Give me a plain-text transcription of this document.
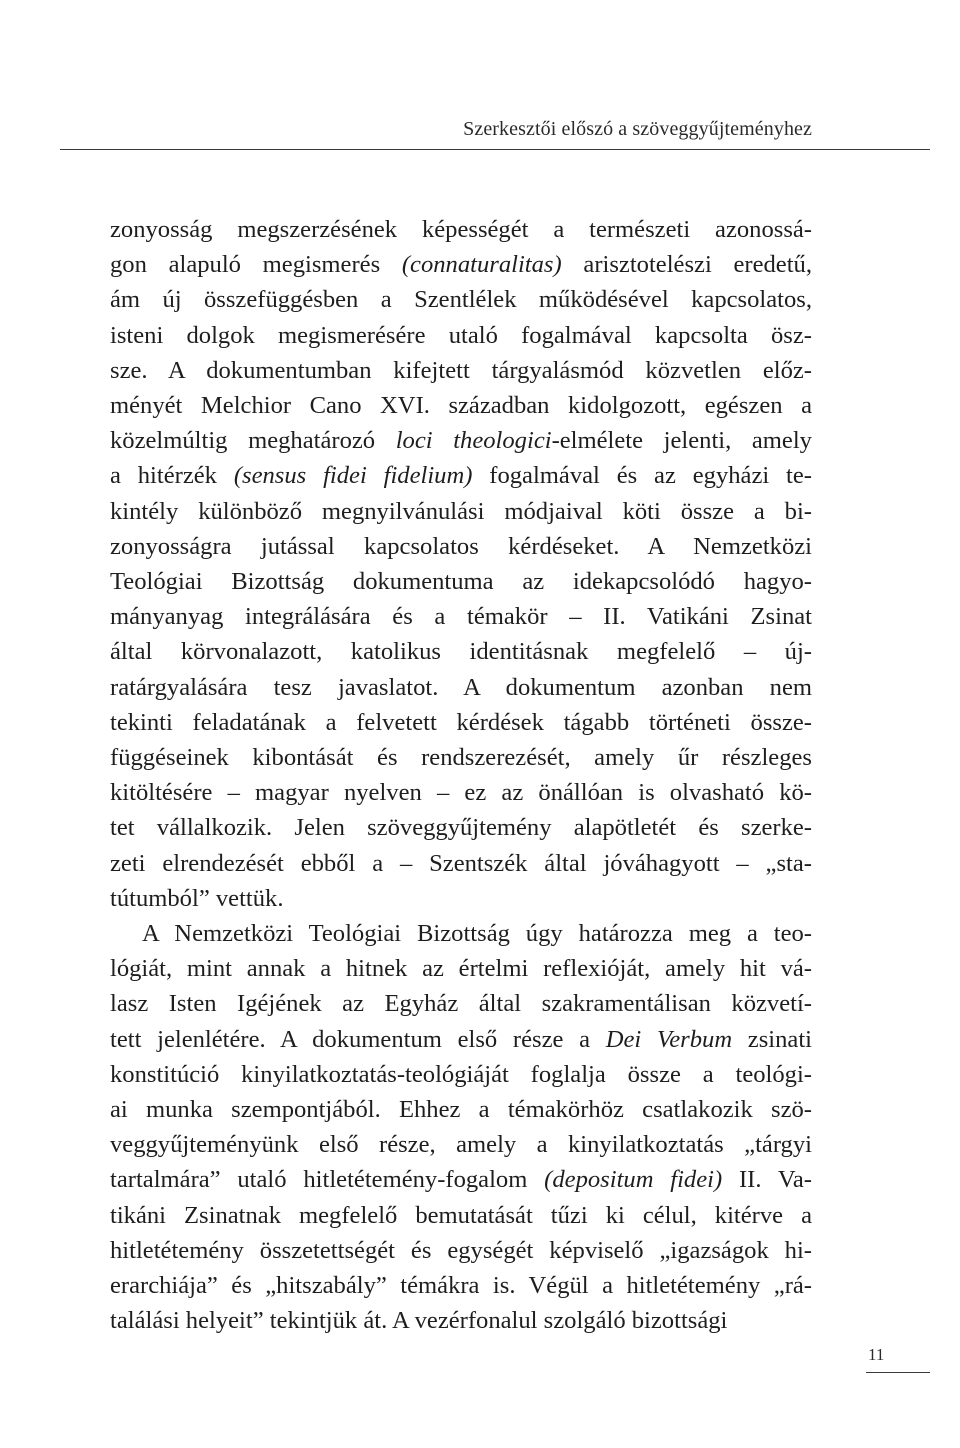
Szerkesztői előszó a szöveggyűjteményhez
zonyosság megszerzésének képességét a természeti azonossá-
gon alapuló megismerés (connaturalitas) arisztotelészi eredetű,
ám új összefüggésben a Szentlélek működésével kapcsolatos,
isteni dolgok megismerésére utaló fogalmával kapcsolta ösz-
sze. A dokumentumban kifejtett tárgyalásmód közvetlen előz-
ményét Melchior Cano XVI. században kidolgozott, egészen a
közelmúltig meghatározó loci theologici-elmélete jelenti, amely
a hitérzék (sensus fidei fidelium) fogalmával és az egyházi te-
kintély különböző megnyilvánulási módjaival köti össze a bi-
zonyosságra jutással kapcsolatos kérdéseket. A Nemzetközi
Teológiai Bizottság dokumentuma az idekapcsolódó hagyo-
mányanyag integrálására és a témakör – II. Vatikáni Zsinat
által körvonalazott, katolikus identitásnak megfelelő – új-
ratárgyalására tesz javaslatot. A dokumentum azonban nem
tekinti feladatának a felvetett kérdések tágabb történeti össze-
függéseinek kibontását és rendszerezését, amely űr részleges
kitöltésére – magyar nyelven – ez az önállóan is olvasható kö-
tet vállalkozik. Jelen szöveggyűjtemény alapötletét és szerke-
zeti elrendezését ebből a – Szentszék által jóváhagyott – „sta-
tútumból” vettük.
A Nemzetközi Teológiai Bizottság úgy határozza meg a teo-
lógiát, mint annak a hitnek az értelmi reflexióját, amely hit vá-
lasz Isten Igéjének az Egyház által szakramentálisan közvetí-
tett jelenlétére. A dokumentum első része a Dei Verbum zsinati
konstitúció kinyilatkoztatás-teológiáját foglalja össze a teológi-
ai munka szempontjából. Ehhez a témakörhöz csatlakozik szö-
veggyűjteményünk első része, amely a kinyilatkoztatás „tárgyi
tartalmára” utaló hitletétemény-fogalom (depositum fidei) II. Va-
tikáni Zsinatnak megfelelő bemutatását tűzi ki célul, kitérve a
hitletétemény összetettségét és egységét képviselő „igazságok hi-
erarchiája” és „hitszabály” témákra is. Végül a hitletétemény „rá-
találási helyeit” tekintjük át. A vezérfonalul szolgáló bizottsági
11
